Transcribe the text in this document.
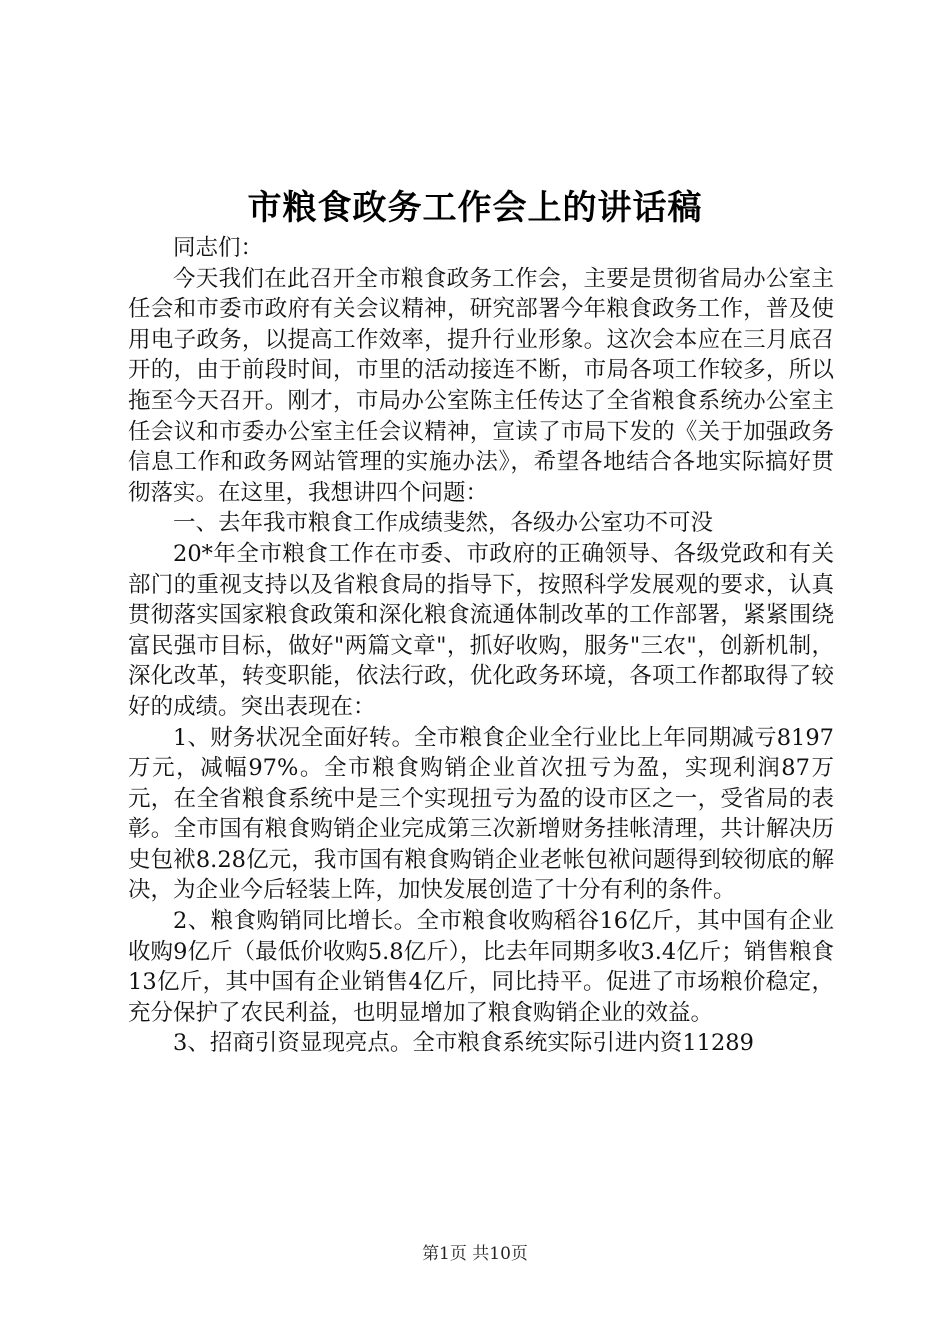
市粮食政务工作会上的讲话稿

同志们：

今天我们在此召开全市粮食政务工作会，主要是贯彻省局办公室主任会和市委市政府有关会议精神，研究部署今年粮食政务工作，普及使用电子政务，以提高工作效率，提升行业形象。这次会本应在三月底召开的，由于前段时间，市里的活动接连不断，市局各项工作较多，所以拖至今天召开。刚才，市局办公室陈主任传达了全省粮食系统办公室主任会议和市委办公室主任会议精神，宣读了市局下发的《关于加强政务信息工作和政务网站管理的实施办法》，希望各地结合各地实际搞好贯彻落实。在这里，我想讲四个问题：

一、去年我市粮食工作成绩斐然，各级办公室功不可没

20*年全市粮食工作在市委、市政府的正确领导、各级党政和有关部门的重视支持以及省粮食局的指导下，按照科学发展观的要求，认真贯彻落实国家粮食政策和深化粮食流通体制改革的工作部署，紧紧围绕富民强市目标，做好"两篇文章"，抓好收购，服务"三农"，创新机制，深化改革，转变职能，依法行政，优化政务环境，各项工作都取得了较好的成绩。突出表现在：

1、财务状况全面好转。全市粮食企业全行业比上年同期减亏8197万元，减幅97%。全市粮食购销企业首次扭亏为盈，实现利润87万元，在全省粮食系统中是三个实现扭亏为盈的设市区之一，受省局的表彰。全市国有粮食购销企业完成第三次新增财务挂帐清理，共计解决历史包袱8.28亿元，我市国有粮食购销企业老帐包袱问题得到较彻底的解决，为企业今后轻装上阵，加快发展创造了十分有利的条件。

2、粮食购销同比增长。全市粮食收购稻谷16亿斤，其中国有企业收购9亿斤（最低价收购5.8亿斤），比去年同期多收3.4亿斤；销售粮食13亿斤，其中国有企业销售4亿斤，同比持平。促进了市场粮价稳定，充分保护了农民利益，也明显增加了粮食购销企业的效益。

3、招商引资显现亮点。全市粮食系统实际引进内资11289

第1页 共10页
